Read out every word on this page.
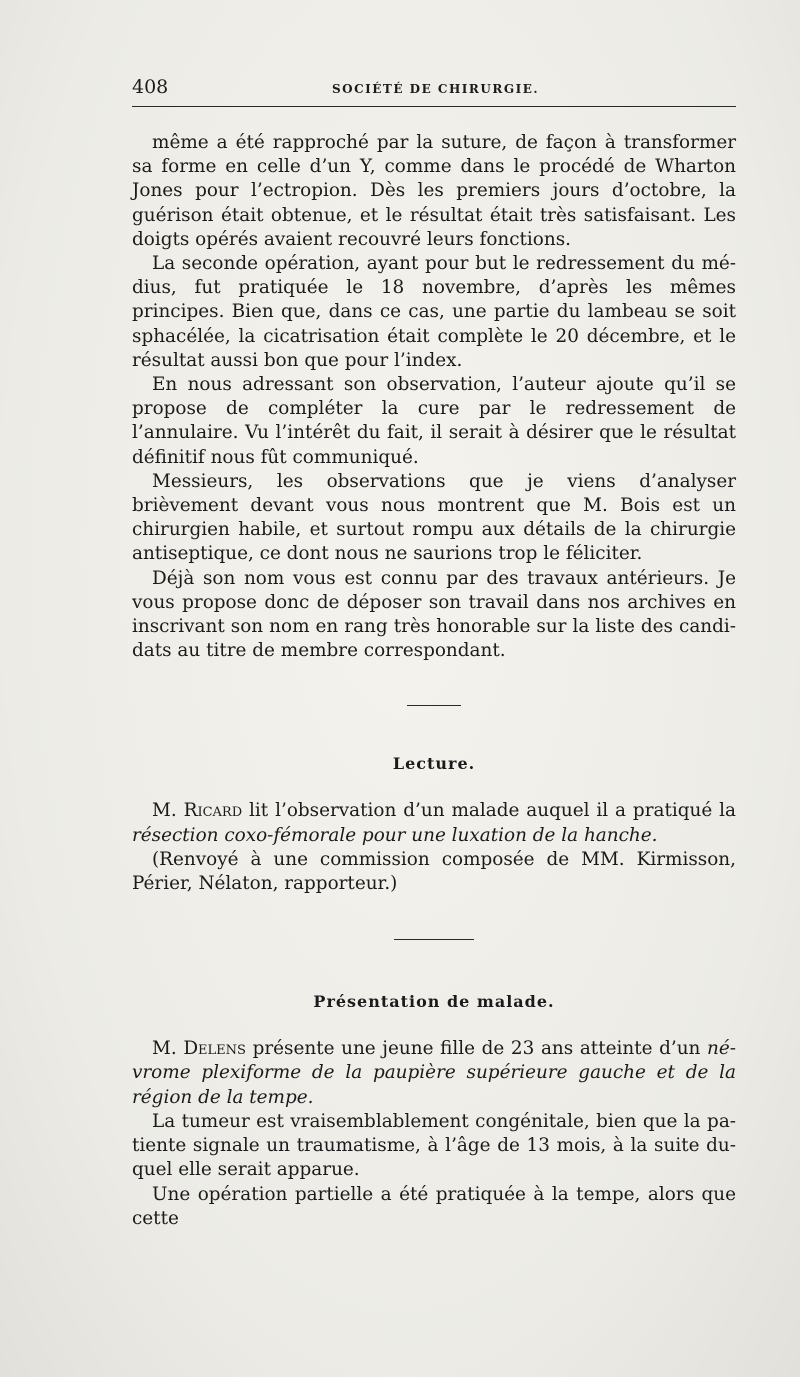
408	SOCIÉTÉ DE CHIRURGIE.

même a été rapproché par la suture, de façon à transformer sa forme en celle d’un Y, comme dans le procédé de Wharton Jones pour l’ectropion. Dès les premiers jours d’octobre, la guérison était obtenue, et le résultat était très satisfaisant. Les doigts opérés avaient recouvré leurs fonctions.

La seconde opération, ayant pour but le redressement du mé-dius, fut pratiquée le 18 novembre, d’après les mêmes principes. Bien que, dans ce cas, une partie du lambeau se soit sphacélée, la cicatrisation était complète le 20 décembre, et le résultat aussi bon que pour l’index.

En nous adressant son observation, l’auteur ajoute qu’il se propose de compléter la cure par le redressement de l’annulaire. Vu l’intérêt du fait, il serait à désirer que le résultat définitif nous fût communiqué.

Messieurs, les observations que je viens d’analyser brièvement devant vous nous montrent que M. Bois est un chirurgien habile, et surtout rompu aux détails de la chirurgie antiseptique, ce dont nous ne saurions trop le féliciter.

Déjà son nom vous est connu par des travaux antérieurs. Je vous propose donc de déposer son travail dans nos archives en inscrivant son nom en rang très honorable sur la liste des candi-dats au titre de membre correspondant.

Lecture.

M. Ricard lit l’observation d’un malade auquel il a pratiqué la résection coxo-fémorale pour une luxation de la hanche.

(Renvoyé à une commission composée de MM. Kirmisson, Périer, Nélaton, rapporteur.)

Présentation de malade.

M. Delens présente une jeune fille de 23 ans atteinte d’un né-vrome plexiforme de la paupière supérieure gauche et de la région de la tempe.

La tumeur est vraisemblablement congénitale, bien que la pa-tiente signale un traumatisme, à l’âge de 13 mois, à la suite du-quel elle serait apparue.

Une opération partielle a été pratiquée à la tempe, alors que cette
